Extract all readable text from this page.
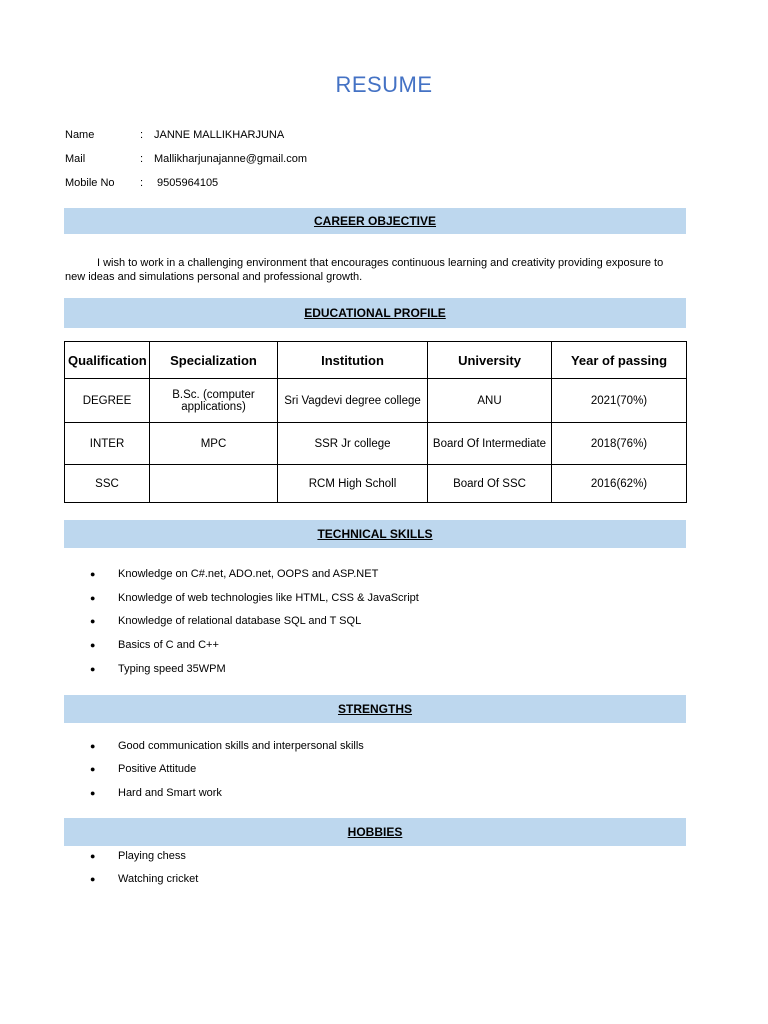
RESUME
Name	: JANNE MALLIKHARJUNA
Mail	: Mallikharjunajanne@gmail.com
Mobile No : 9505964105
CAREER OBJECTIVE
I wish to work in a challenging environment that encourages continuous learning and creativity providing exposure to new ideas and simulations personal and professional growth.
EDUCATIONAL PROFILE
Qualification	Specialization	Institution	University	Year of passing
DEGREE	B.Sc. (computer applications)	Sri Vagdevi degree college	ANU	2021(70%)
INTER	MPC	SSR Jr college	Board Of Intermediate	2018(76%)
SSC		RCM High Scholl	Board Of SSC	2016(62%)
TECHNICAL SKILLS
● Knowledge on C#.net, ADO.net, OOPS and ASP.NET
● Knowledge of web technologies like HTML, CSS & JavaScript
● Knowledge of relational database SQL and T SQL
● Basics of C and C++
● Typing speed 35WPM
STRENGTHS
● Good communication skills and interpersonal skills
● Positive Attitude
● Hard and Smart work
HOBBIES
● Playing chess
● Watching cricket
